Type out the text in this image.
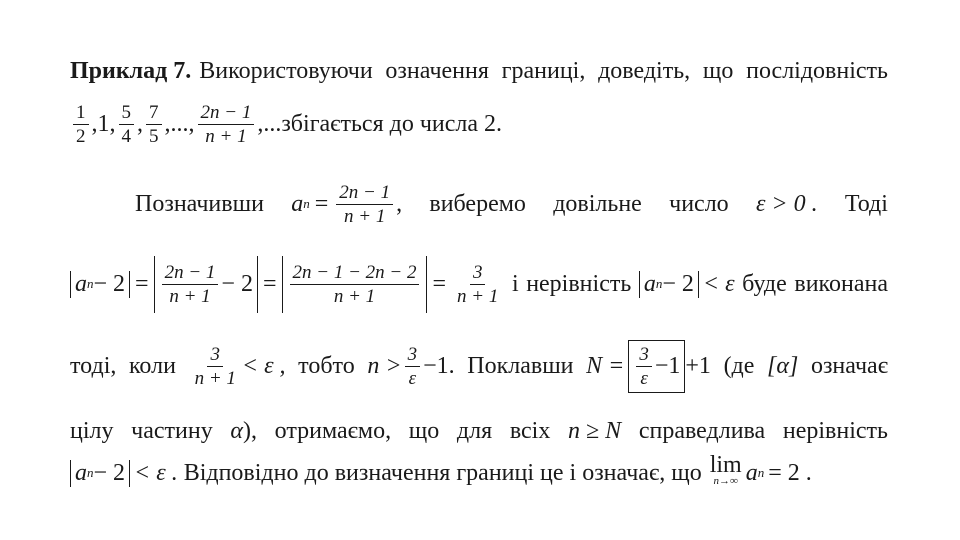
Приклад 7. Використовуючи означення границі, доведіть, що послідовність
$\frac{1}{2}$ , 1 , $\frac{5}{4}$ , $\frac{7}{5}$ , ..., $\frac{2n - 1}{n + 1}$ ,...збігається до числа 2.
Позначивши a $n = \frac{2n - 1}{n + 1}$ , виберемо довільне число ε > 0 . Тоді
a $n - 2 = \frac{2n - 1}{n + 1} - 2 = \frac{2n - 1 - 2n - 2}{n + 1} = \frac{3}{n + 1}$ і нерівність a n − 2 < ε буде виконана
тоді, коли $\frac{3}{n + 1} < \varepsilon$ , тобто $n > \frac{3}{\varepsilon} -1$. Поклавши $N = \frac{3}{\varepsilon} -1 +1$ (де [α] означає
цілу частину α), отримаємо, що для всіх n ≥ N справедлива нерівність
a n − 2 < ε . Відповідно до визначення границі це і означає, що lim
n→∞ a n = 2 .
